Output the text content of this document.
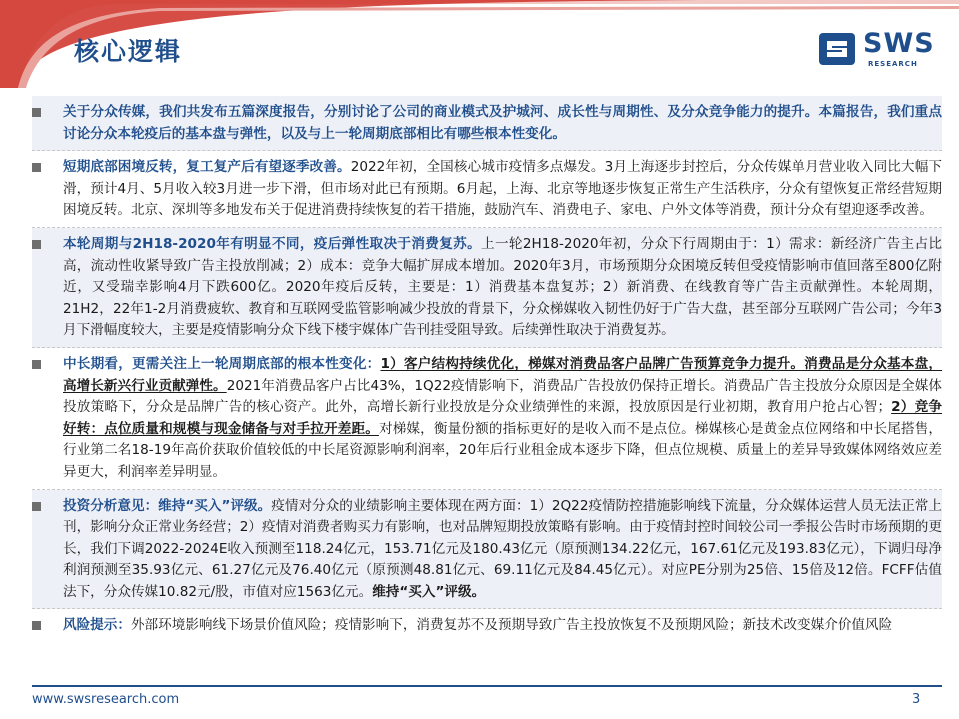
核心逻辑	SWS
RESEARCH
关于分众传媒，我们共发布五篇深度报告，分别讨论了公司的商业模式及护城河、成长性与周期性、及分众竞争能力的提升。本篇报告，我们重点讨论分众本轮疫后的基本盘与弹性，以及与上一轮周期底部相比有哪些根本性变化。
短期底部困境反转，复工复产后有望逐季改善。2022年初，全国核心城市疫情多点爆发。3月上海逐步封控后，分众传媒单月营业收入同比大幅下滑，预计4月、5月收入较3月进一步下滑，但市场对此已有预期。6月起，上海、北京等地逐步恢复正常生产生活秩序，分众有望恢复正常经营短期困境反转。北京、深圳等多地发布关于促进消费持续恢复的若干措施，鼓励汽车、消费电子、家电、户外文体等消费，预计分众有望迎逐季改善。
本轮周期与2H18-2020年有明显不同，疫后弹性取决于消费复苏。上一轮2H18-2020年初，分众下行周期由于：1）需求：新经济广告主占比高，流动性收紧导致广告主投放削减；2）成本：竞争大幅扩屏成本增加。2020年3月，市场预期分众困境反转但受疫情影响市值回落至800亿附近，又受瑞幸影响4月下跌600亿。2020年疫后反转，主要是：1）消费基本盘复苏；2）新消费、在线教育等广告主贡献弹性。本轮周期，21H2，22年1-2月消费疲软、教育和互联网受监管影响减少投放的背景下，分众梯媒收入韧性仍好于广告大盘，甚至部分互联网广告公司；今年3月下滑幅度较大，主要是疫情影响分众下线下楼宇媒体广告刊挂受阻导致。后续弹性取决于消费复苏。
中长期看，更需关注上一轮周期底部的根本性变化：1）客户结构持续优化，梯媒对消费品客户品牌广告预算竞争力提升。消费品是分众基本盘，高增长新兴行业贡献弹性。2021年消费品客户占比43%，1Q22疫情影响下，消费品广告投放仍保持正增长。消费品广告主投放分众原因是全媒体投放策略下，分众是品牌广告的核心资产。此外，高增长新行业投放是分众业绩弹性的来源，投放原因是行业初期，教育用户抢占心智；2）竞争好转：点位质量和规模与现金储备与对手拉开差距。对梯媒，衡量份额的指标更好的是收入而不是点位。梯媒核心是黄金点位网络和中长尾搭售，行业第二名18-19年高价获取价值较低的中长尾资源影响利润率，20年后行业租金成本逐步下降，但点位规模、质量上的差异导致媒体网络效应差异更大，利润率差异明显。
投资分析意见：维持“买入”评级。疫情对分众的业绩影响主要体现在两方面：1）2Q22疫情防控措施影响线下流量，分众媒体运营人员无法正常上刊，影响分众正常业务经营；2）疫情对消费者购买力有影响，也对品牌短期投放策略有影响。由于疫情封控时间较公司一季报公告时市场预期的更长，我们下调2022-2024E收入预测至118.24亿元，153.71亿元及180.43亿元（原预测134.22亿元，167.61亿元及193.83亿元），下调归母净利润预测至35.93亿元、61.27亿元及76.40亿元（原预测48.81亿元、69.11亿元及84.45亿元）。对应PE分别为25倍、15倍及12倍。FCFF估值法下，分众传媒10.82元/股，市值对应1563亿元。维持“买入”评级。
风险提示：外部环境影响线下场景价值风险；疫情影响下，消费复苏不及预期导致广告主投放恢复不及预期风险；新技术改变媒介价值风险
www.swsresearch.com	3
